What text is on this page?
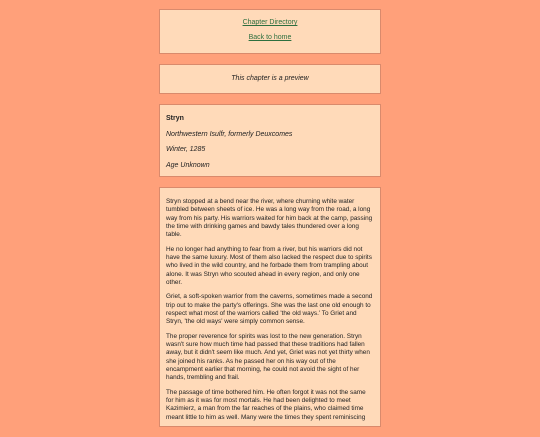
Chapter Directory
Back to home
This chapter is a preview

Stryn

Northwestern Isulfr, formerly Deuxcomes

Winter, 1285

Age Unknown

Stryn stopped at a bend near the river, where churning white water tumbled between sheets of ice. He was a long way from the road, a long way from his party. His warriors waited for him back at the camp, passing the time with drinking games and bawdy tales thundered over a long table.

He no longer had anything to fear from a river, but his warriors did not have the same luxury. Most of them also lacked the respect due to spirits who lived in the wild country, and he forbade them from trampling about alone. It was Stryn who scouted ahead in every region, and only one other.

Griet, a soft-spoken warrior from the caverns, sometimes made a second trip out to make the party's offerings. She was the last one old enough to respect what most of the warriors called 'the old ways.' To Griet and Stryn, 'the old ways' were simply common sense.

The proper reverence for spirits was lost to the new generation. Stryn wasn't sure how much time had passed that these traditions had fallen away, but it didn't seem like much. And yet, Griet was not yet thirty when she joined his ranks. As he passed her on his way out of the encampment earlier that morning, he could not avoid the sight of her hands, trembling and frail.

The passage of time bothered him. He often forgot it was not the same for him as it was for most mortals. He had been delighted to meet Kazimierz, a man from the far reaches of the plains, who claimed time meant little to him as well. Many were the times they spent reminiscing
